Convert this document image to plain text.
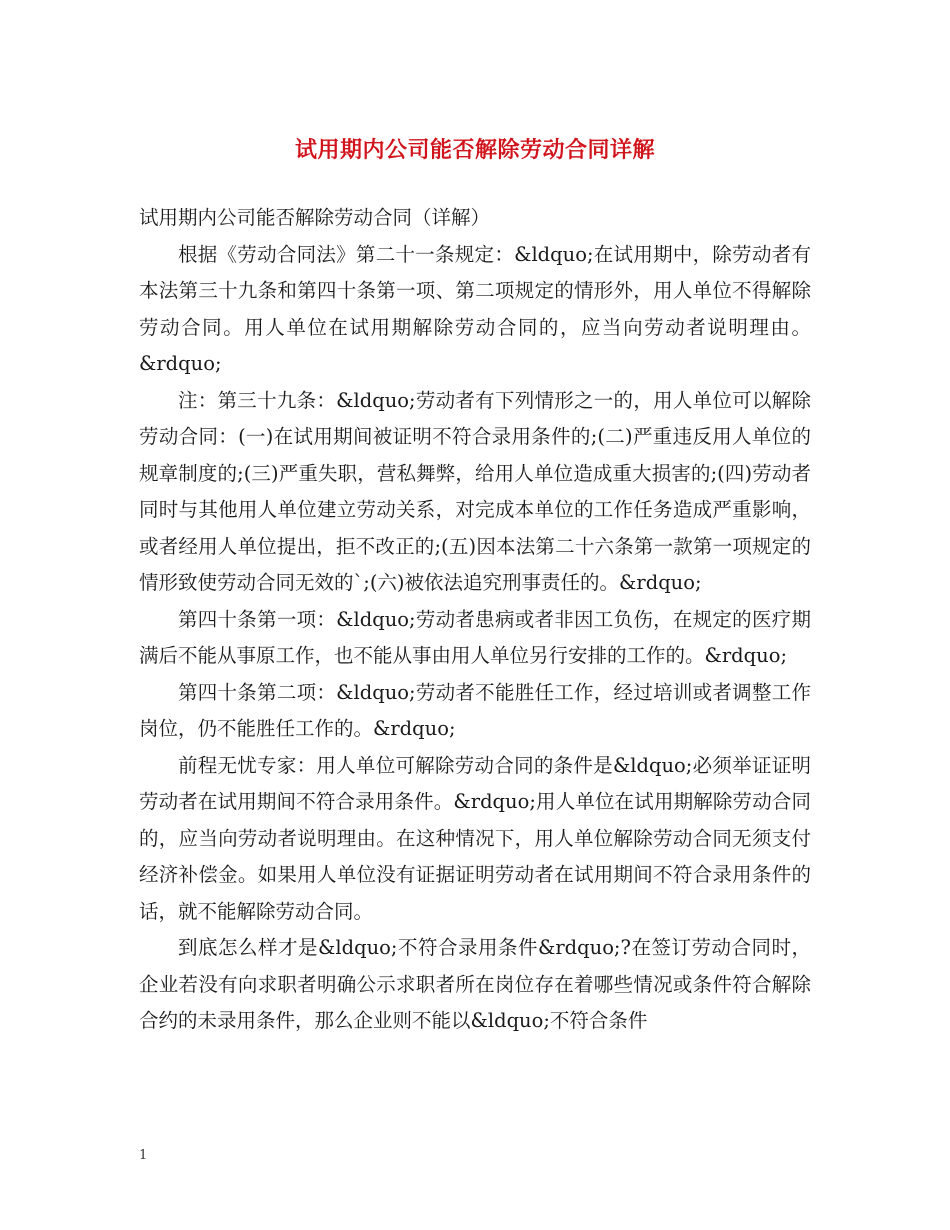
试用期内公司能否解除劳动合同详解

试用期内公司能否解除劳动合同（详解）

根据《劳动合同法》第二十一条规定：&ldquo;在试用期中，除劳动者有本法第三十九条和第四十条第一项、第二项规定的情形外，用人单位不得解除劳动合同。用人单位在试用期解除劳动合同的，应当向劳动者说明理由。&rdquo;

注：第三十九条：&ldquo;劳动者有下列情形之一的，用人单位可以解除劳动合同：(一)在试用期间被证明不符合录用条件的;(二)严重违反用人单位的规章制度的;(三)严重失职，营私舞弊，给用人单位造成重大损害的;(四)劳动者同时与其他用人单位建立劳动关系，对完成本单位的工作任务造成严重影响，或者经用人单位提出，拒不改正的;(五)因本法第二十六条第一款第一项规定的情形致使劳动合同无效的`;(六)被依法追究刑事责任的。&rdquo;

第四十条第一项：&ldquo;劳动者患病或者非因工负伤，在规定的医疗期满后不能从事原工作，也不能从事由用人单位另行安排的工作的。&rdquo;

第四十条第二项：&ldquo;劳动者不能胜任工作，经过培训或者调整工作岗位，仍不能胜任工作的。&rdquo;

前程无忧专家：用人单位可解除劳动合同的条件是&ldquo;必须举证证明劳动者在试用期间不符合录用条件。&rdquo;用人单位在试用期解除劳动合同的，应当向劳动者说明理由。在这种情况下，用人单位解除劳动合同无须支付经济补偿金。如果用人单位没有证据证明劳动者在试用期间不符合录用条件的话，就不能解除劳动合同。

到底怎么样才是&ldquo;不符合录用条件&rdquo;?在签订劳动合同时，企业若没有向求职者明确公示求职者所在岗位存在着哪些情况或条件符合解除合约的未录用条件，那么企业则不能以&ldquo;不符合条件

1
